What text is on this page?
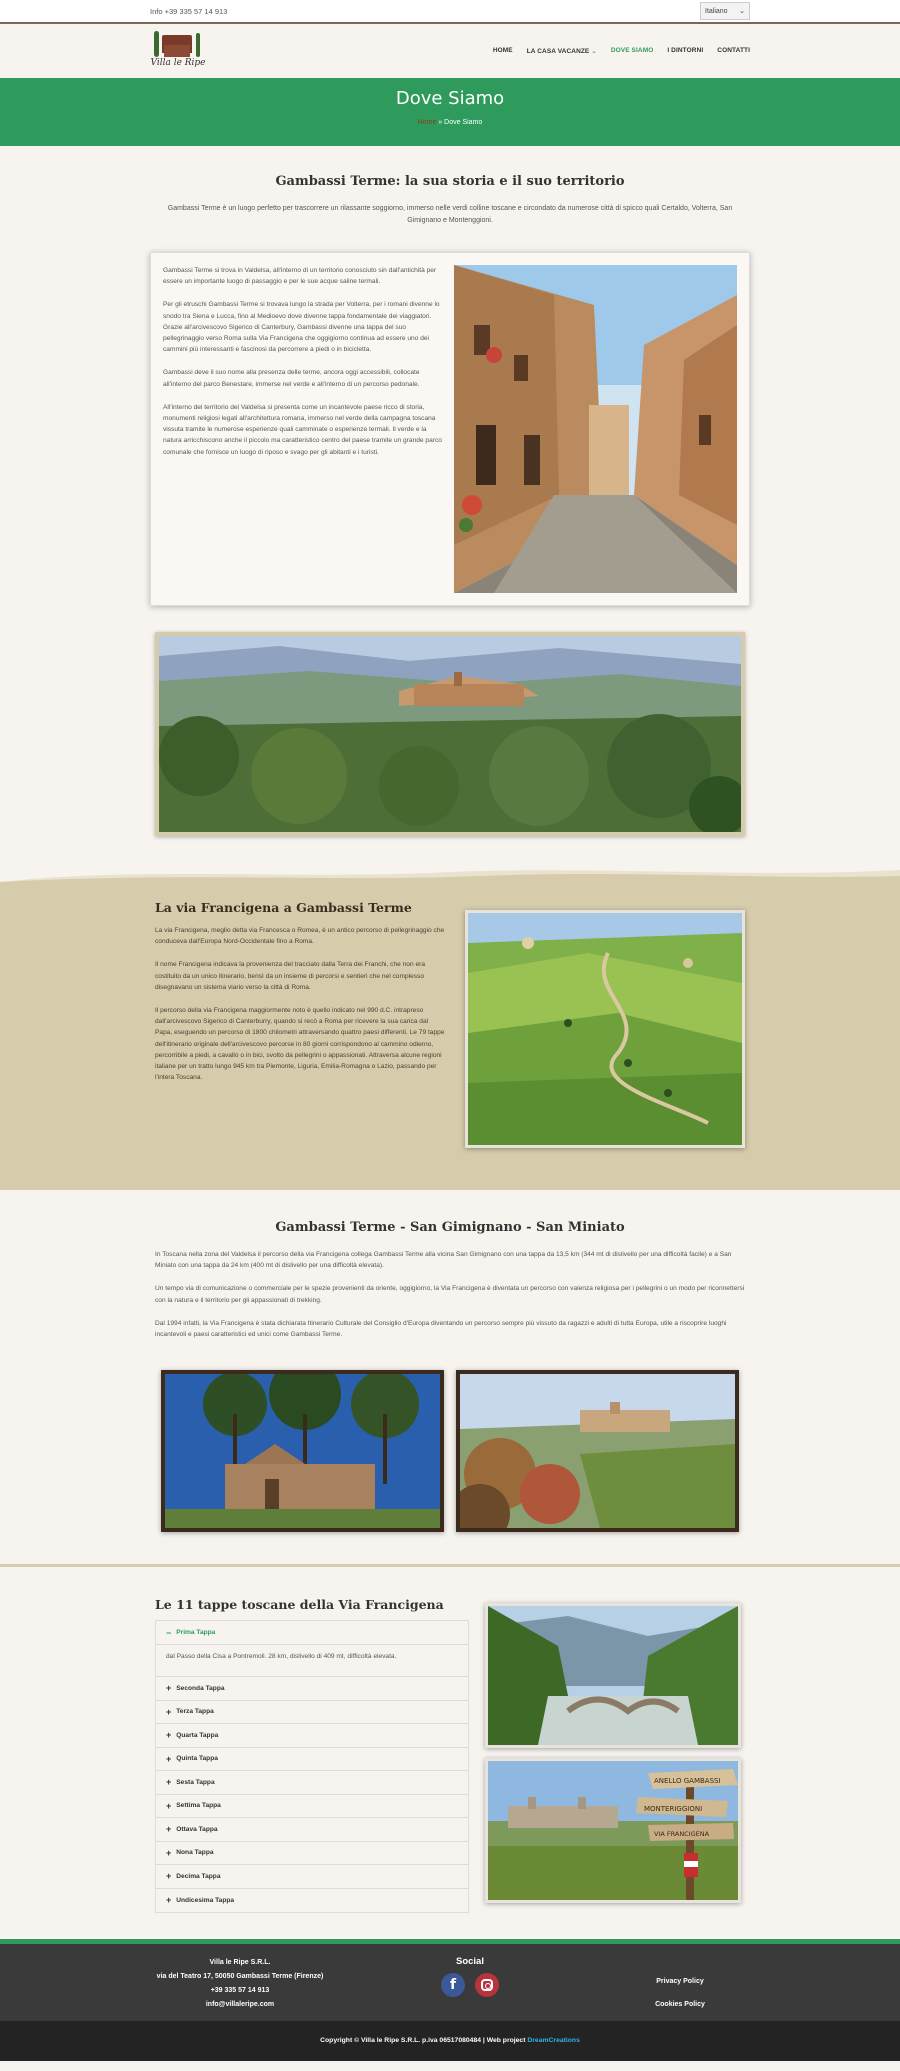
Info +39 335 57 14 913	Italiano ⌄
Villa le Ripe
HOME LA CASA VACANZE ⌄ DOVE SIAMO I DINTORNI CONTATTI
Dove Siamo
Home » Dove Siamo
Gambassi Terme: la sua storia e il suo territorio
Gambassi Terme è un luogo perfetto per trascorrere un rilassante soggiorno, immerso nelle verdi colline toscane e circondato da numerose città di spicco quali Certaldo, Volterra, San Gimignano e Montenggioni.

Gambassi Terme si trova in Valdelsa, all'interno di un territorio conosciuto sin dall'antichità per essere un importante luogo di passaggio e per le sue acque saline termali.

Per gli etruschi Gambassi Terme si trovava lungo la strada per Volterra, per i romani divenne lo snodo tra Siena e Lucca, fino al Medioevo dove divenne tappa fondamentale dei viaggiatori. Grazie all'arcivescovo Sigerico di Canterbury, Gambassi divenne una tappa del suo pellegrinaggio verso Roma sulla Via Francigena che oggigiorno continua ad essere uno dei cammini più interessanti e fascinosi da percorrere a piedi o in bicicletta.

Gambassi deve il suo nome alla presenza delle terme, ancora oggi accessibili, collocate all'interno del parco Benestare, immerse nel verde e all'interno di un percorso pedonale.

All'interno del territorio del Valdelsa si presenta come un incantevole paese ricco di storia, monumenti religiosi legati all'architettura romana, immerso nel verde della campagna toscana vissuta tramite le numerose esperienze quali camminate o esperienze termali. Il verde e la natura arricchiscono anche il piccolo ma caratteristico centro del paese tramite un grande parco comunale che fornisce un luogo di riposo e svago per gli abitanti e i turisti.

La via Francigena a Gambassi Terme

La via Francigena, meglio detta via Francesca o Romea, è un antico percorso di pellegrinaggio che conduceva dall'Europa Nord-Occidentale fino a Roma.

Il nome Francigena indicava la provenienza del tracciato dalla Terra dei Franchi, che non era costituito da un unico itinerario, bensì da un insieme di percorsi e sentieri che nel complesso disegnavano un sistema viario verso la città di Roma.

Il percorso della via Francigena maggiormente noto è quello indicato nel 990 d.C. intrapreso dall'arcivescovo Sigerico di Canterburry, quando si recò a Roma per ricevere la sua carica dal Papa, eseguendo un percorso di 1800 chilometri attraversando quattro paesi differenti. Le 79 tappe dell'itinerario originale dell'arcivescovo percorse in 80 giorni corrispondono al cammino odierno, percorribile a piedi, a cavallo o in bici, svolto da pellegrini o appassionati. Attraversa alcune regioni italiane per un tratto lungo 945 km tra Piemonte, Liguria, Emilia-Romagna o Lazio, passando per l'intera Toscana.

Gambassi Terme - San Gimignano - San Miniato

In Toscana nella zona del Valdelsa il percorso della via Francigena collega Gambassi Terme alla vicina San Gimignano con una tappa da 13,5 km (344 mt di dislivello per una difficoltà facile) e a San Miniato con una tappa da 24 km (400 mt di dislivello per una difficoltà elevata).

Un tempo via di comunicazione o commerciale per le spezie provenienti da oriente, oggigiorno, la Via Francigena è diventata un percorso con valenza religiosa per i pellegrini o un modo per riconnettersi con la natura e il territorio per gli appassionati di trekking.

Dal 1994 infatti, la Via Francigena è stata dichiarata Itinerario Culturale del Consiglio d'Europa diventando un percorso sempre più vissuto da ragazzi e adulti di tutta Europa, utile a riscoprire luoghi incantevoli e paesi caratteristici ed unici come Gambassi Terme.

Le 11 tappe toscane della Via Francigena
− Prima Tappa
dal Passo della Cisa a Pontremoli. 28 km, dislivello di 409 mt, difficoltà elevata.
+ Seconda Tappa
+ Terza Tappa
+ Quarta Tappa
+ Quinta Tappa
+ Sesta Tappa
+ Settima Tappa
+ Ottava Tappa
+ Nona Tappa
+ Decima Tappa
+ Undicesima Tappa
ANELLO GAMBASSI
MONTERIGGIONI
VIA FRANCIGENA
Villa le Ripe S.R.L.
via del Teatro 17, 50050 Gambassi Terme (Firenze)
+39 335 57 14 913
info@villaleripe.com
Social
f	Privacy Policy
Cookies Policy
Copyright © Villa le Ripe S.R.L. p.iva 06517080484 | Web project DreamCreations
